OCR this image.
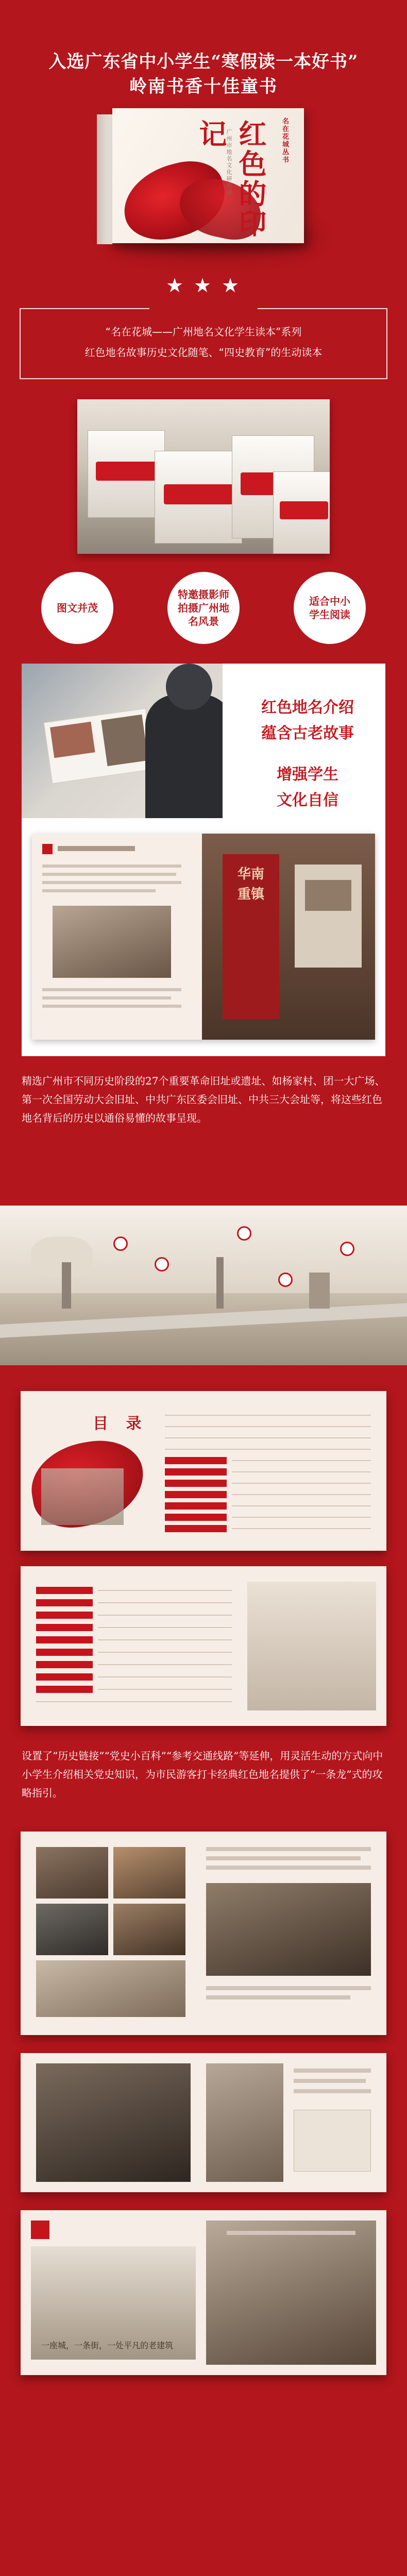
入选广东省中小学生“寒假读一本好书”
岭南书香十佳童书
名在花城丛书
红色的印记
广州市地名文化研究会
★ ★ ★
“名在花城——广州地名文化学生读本”系列
红色地名故事历史文化随笔、“四史教育”的生动读本
图文并茂
特邀摄影师拍摄广州地名风景
适合中小学生阅读
红色地名介绍
蕴含古老故事
增强学生
文化自信
华南重镇
精选广州市不同历史阶段的27个重要革命旧址或遗址、如杨家村、团一大广场、第一次全国劳动大会旧址、中共广东区委会旧址、中共三大会址等，将这些红色地名背后的历史以通俗易懂的故事呈现。
目 录
设置了“历史链接”“党史小百科”“参考交通线路”等延伸，用灵活生动的方式向中小学生介绍相关党史知识，为市民游客打卡经典红色地名提供了“一条龙”式的攻略指引。
一座城，一条街，一处平凡的老建筑
